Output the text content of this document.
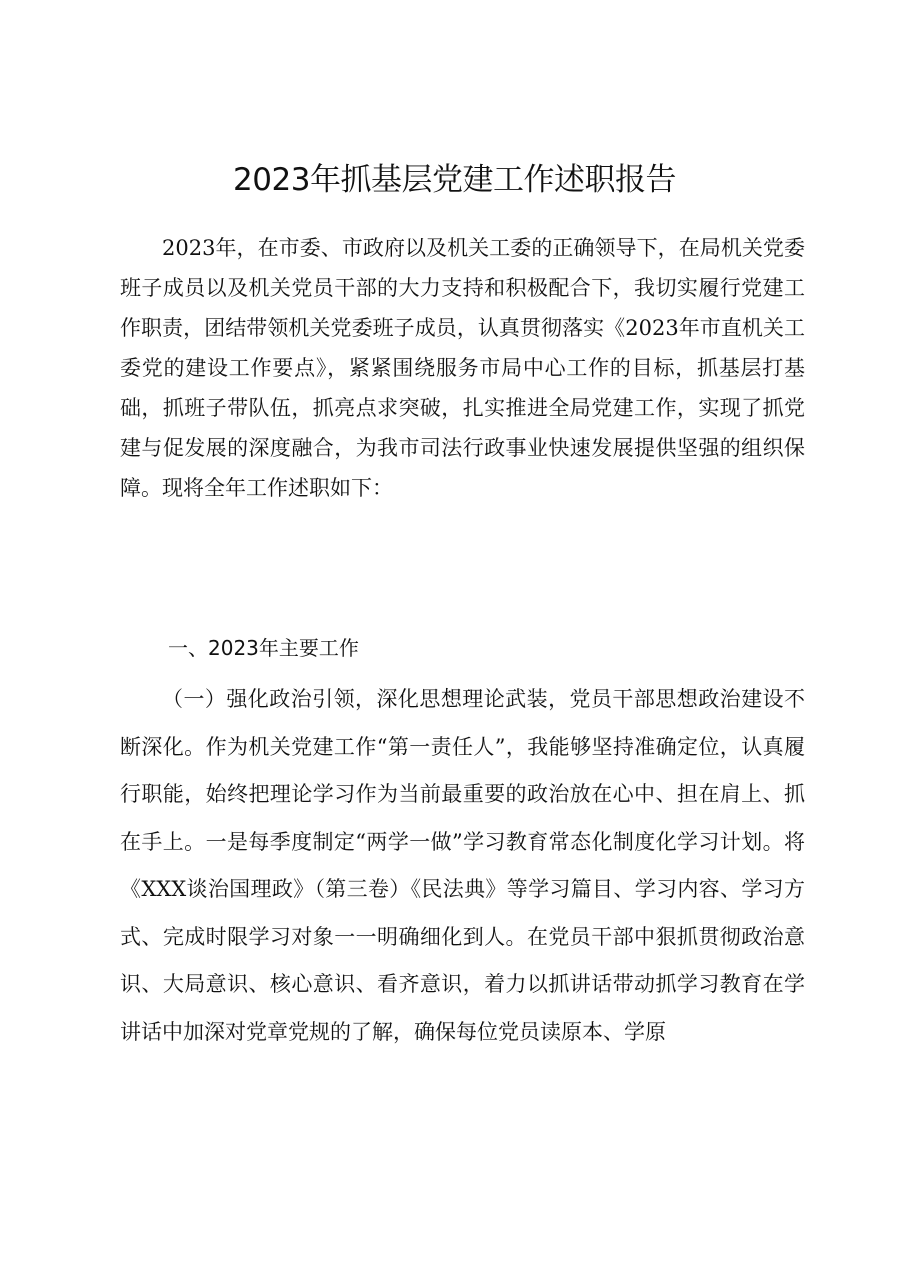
2023年抓基层党建工作述职报告
2023年，在市委、市政府以及机关工委的正确领导下，在局机关党委班子成员以及机关党员干部的大力支持和积极配合下，我切实履行党建工作职责，团结带领机关党委班子成员，认真贯彻落实《2023年市直机关工委党的建设工作要点》，紧紧围绕服务市局中心工作的目标，抓基层打基础，抓班子带队伍，抓亮点求突破，扎实推进全局党建工作，实现了抓党建与促发展的深度融合，为我市司法行政事业快速发展提供坚强的组织保障。现将全年工作述职如下：
一、2023年主要工作
（一）强化政治引领，深化思想理论武装，党员干部思想政治建设不断深化。作为机关党建工作“第一责任人”，我能够坚持准确定位，认真履行职能，始终把理论学习作为当前最重要的政治放在心中、担在肩上、抓在手上。一是每季度制定“两学一做”学习教育常态化制度化学习计划。将《XXX谈治国理政》（第三卷）《民法典》等学习篇目、学习内容、学习方式、完成时限学习对象一一明确细化到人。在党员干部中狠抓贯彻政治意识、大局意识、核心意识、看齐意识，着力以抓讲话带动抓学习教育在学讲话中加深对党章党规的了解，确保每位党员读原本、学原
